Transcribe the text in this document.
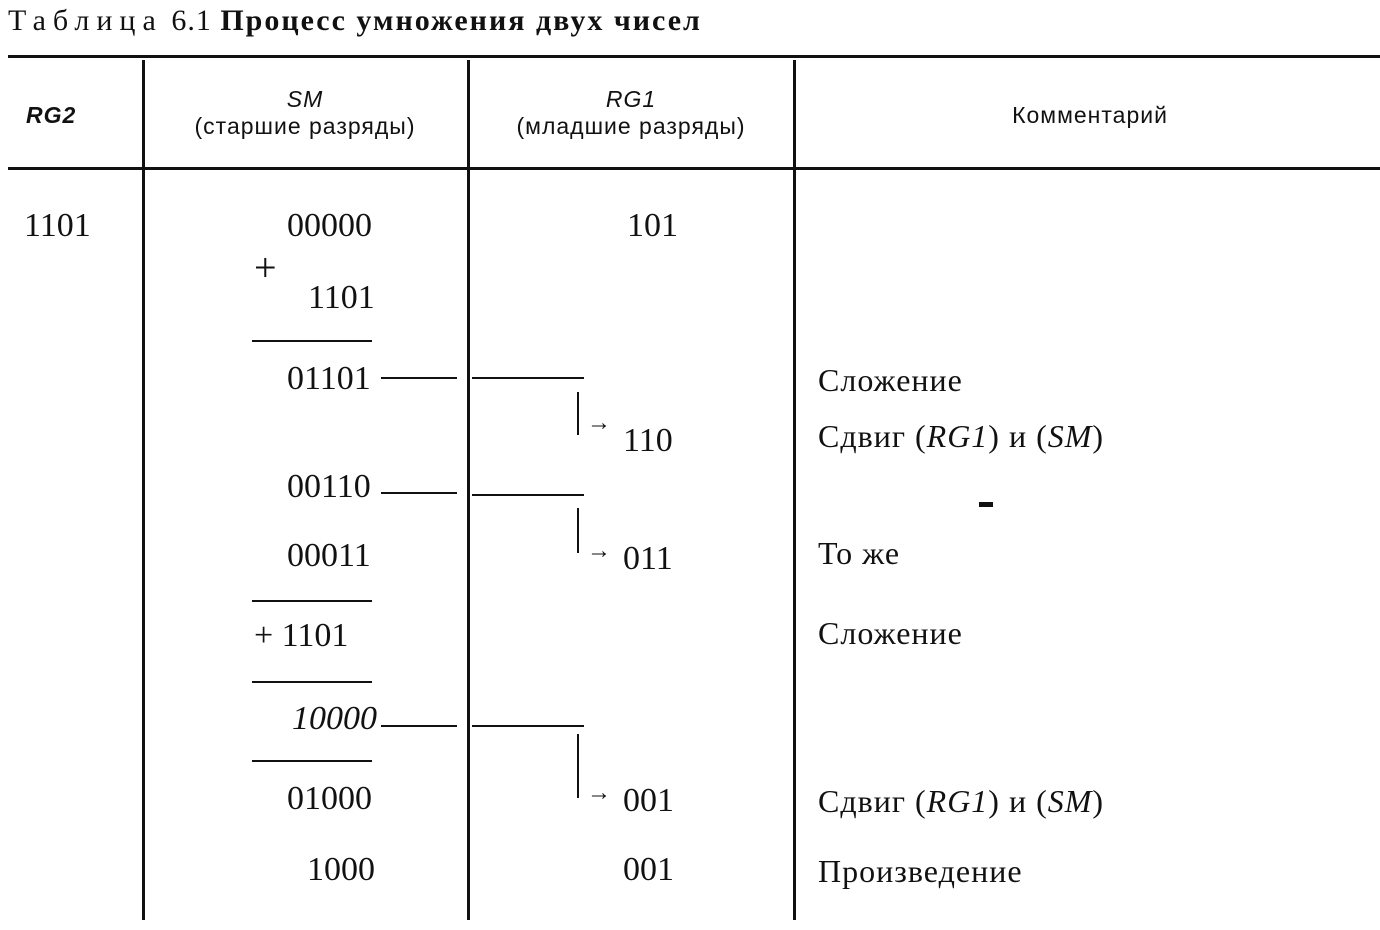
Таблица 6.1 Процесс умножения двух чисел
RG2
SM
(старшие разряды)
RG1
(младшие разряды)	Комментарий
1101	00000
+
1101
01101
00110
00011
+ 1101
10000
01000
1000
101
→ 110
→ 011
→ 001
001
Сложение
Сдвиг (RG1) и (SM)
То же
Сложение
Сдвиг (RG1) и (SM)
Произведение
